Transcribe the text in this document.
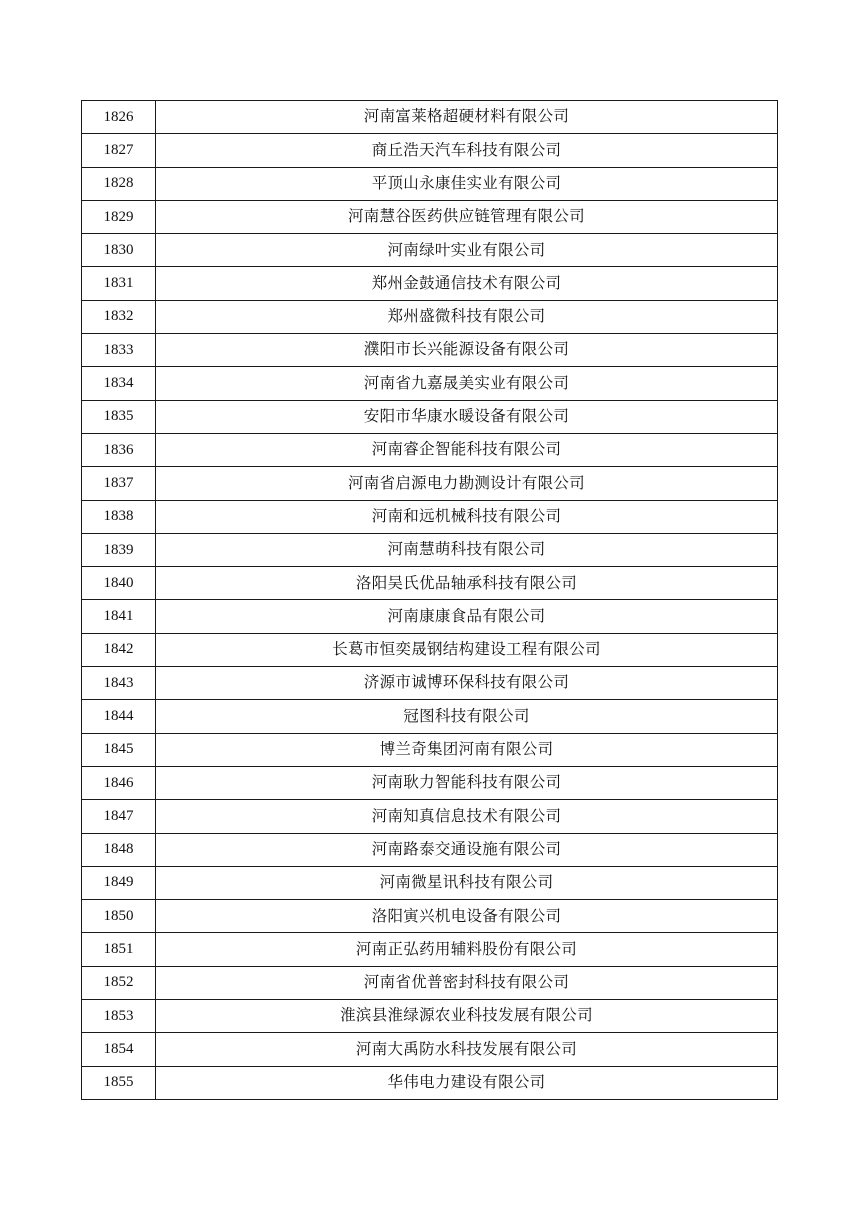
1826	河南富莱格超硬材料有限公司
1827	商丘浩天汽车科技有限公司
1828	平顶山永康佳实业有限公司
1829	河南慧谷医药供应链管理有限公司
1830	河南绿叶实业有限公司
1831	郑州金鼓通信技术有限公司
1832	郑州盛微科技有限公司
1833	濮阳市长兴能源设备有限公司
1834	河南省九嘉晟美实业有限公司
1835	安阳市华康水暖设备有限公司
1836	河南睿企智能科技有限公司
1837	河南省启源电力勘测设计有限公司
1838	河南和远机械科技有限公司
1839	河南慧萌科技有限公司
1840	洛阳吴氏优品轴承科技有限公司
1841	河南康康食品有限公司
1842	长葛市恒奕晟钢结构建设工程有限公司
1843	济源市诚博环保科技有限公司
1844	冠图科技有限公司
1845	博兰奇集团河南有限公司
1846	河南耿力智能科技有限公司
1847	河南知真信息技术有限公司
1848	河南路泰交通设施有限公司
1849	河南微星讯科技有限公司
1850	洛阳寅兴机电设备有限公司
1851	河南正弘药用辅料股份有限公司
1852	河南省优普密封科技有限公司
1853	淮滨县淮绿源农业科技发展有限公司
1854	河南大禹防水科技发展有限公司
1855	华伟电力建设有限公司
